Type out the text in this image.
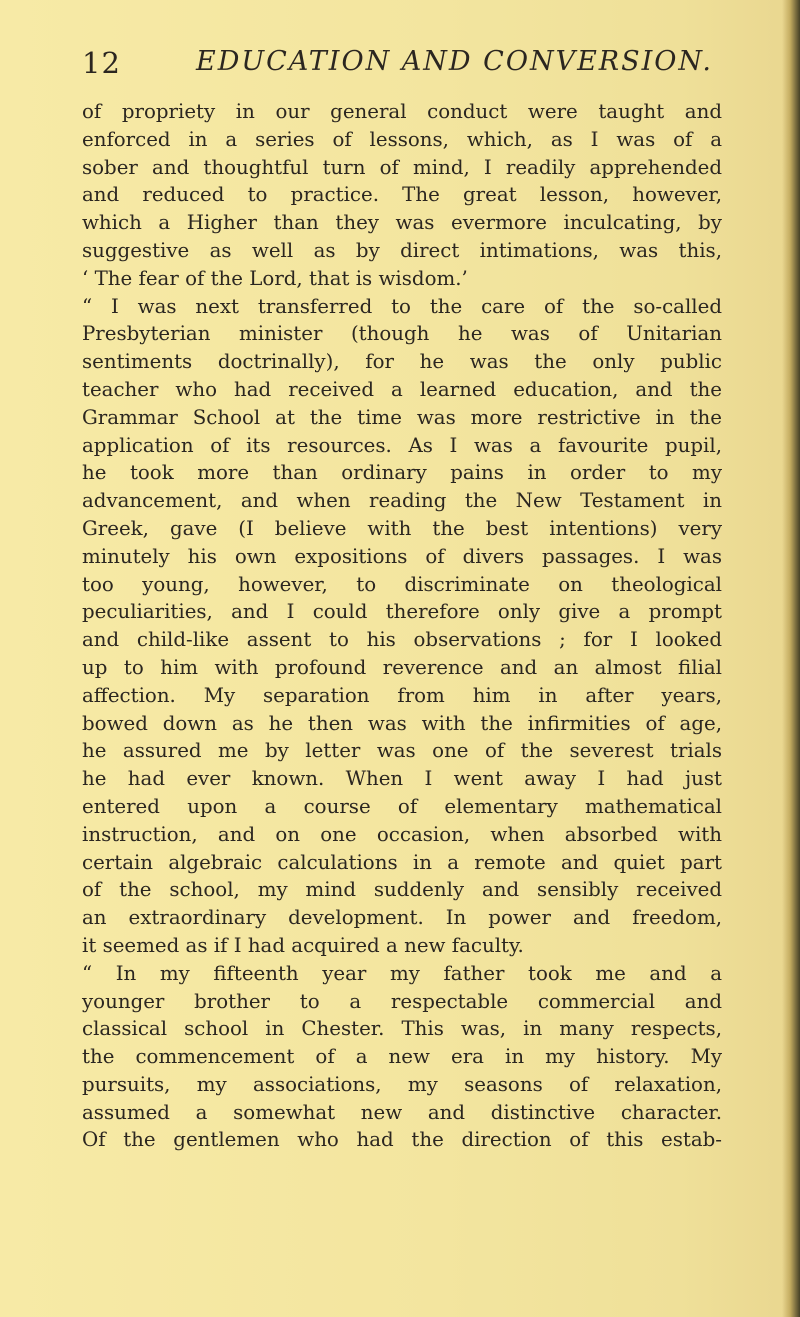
12	EDUCATION AND CONVERSION.
of propriety in our general conduct were taught and
enforced in a series of lessons, which, as I was of a
sober and thoughtful turn of mind, I readily apprehended
and reduced to practice. The great lesson, however,
which a Higher than they was evermore inculcating, by
suggestive as well as by direct intimations, was this,
‘ The fear of the Lord, that is wisdom.’
“ I was next transferred to the care of the so-called
Presbyterian minister (though he was of Unitarian
sentiments doctrinally), for he was the only public
teacher who had received a learned education, and the
Grammar School at the time was more restrictive in the
application of its resources. As I was a favourite pupil,
he took more than ordinary pains in order to my
advancement, and when reading the New Testament in
Greek, gave (I believe with the best intentions) very
minutely his own expositions of divers passages. I was
too young, however, to discriminate on theological
peculiarities, and I could therefore only give a prompt
and child-like assent to his observations ; for I looked
up to him with profound reverence and an almost filial
affection. My separation from him in after years,
bowed down as he then was with the infirmities of age,
he assured me by letter was one of the severest trials
he had ever known. When I went away I had just
entered upon a course of elementary mathematical
instruction, and on one occasion, when absorbed with
certain algebraic calculations in a remote and quiet part
of the school, my mind suddenly and sensibly received
an extraordinary development. In power and freedom,
it seemed as if I had acquired a new faculty.
“ In my fifteenth year my father took me and a
younger brother to a respectable commercial and
classical school in Chester. This was, in many respects,
the commencement of a new era in my history. My
pursuits, my associations, my seasons of relaxation,
assumed a somewhat new and distinctive character.
Of the gentlemen who had the direction of this estab-
